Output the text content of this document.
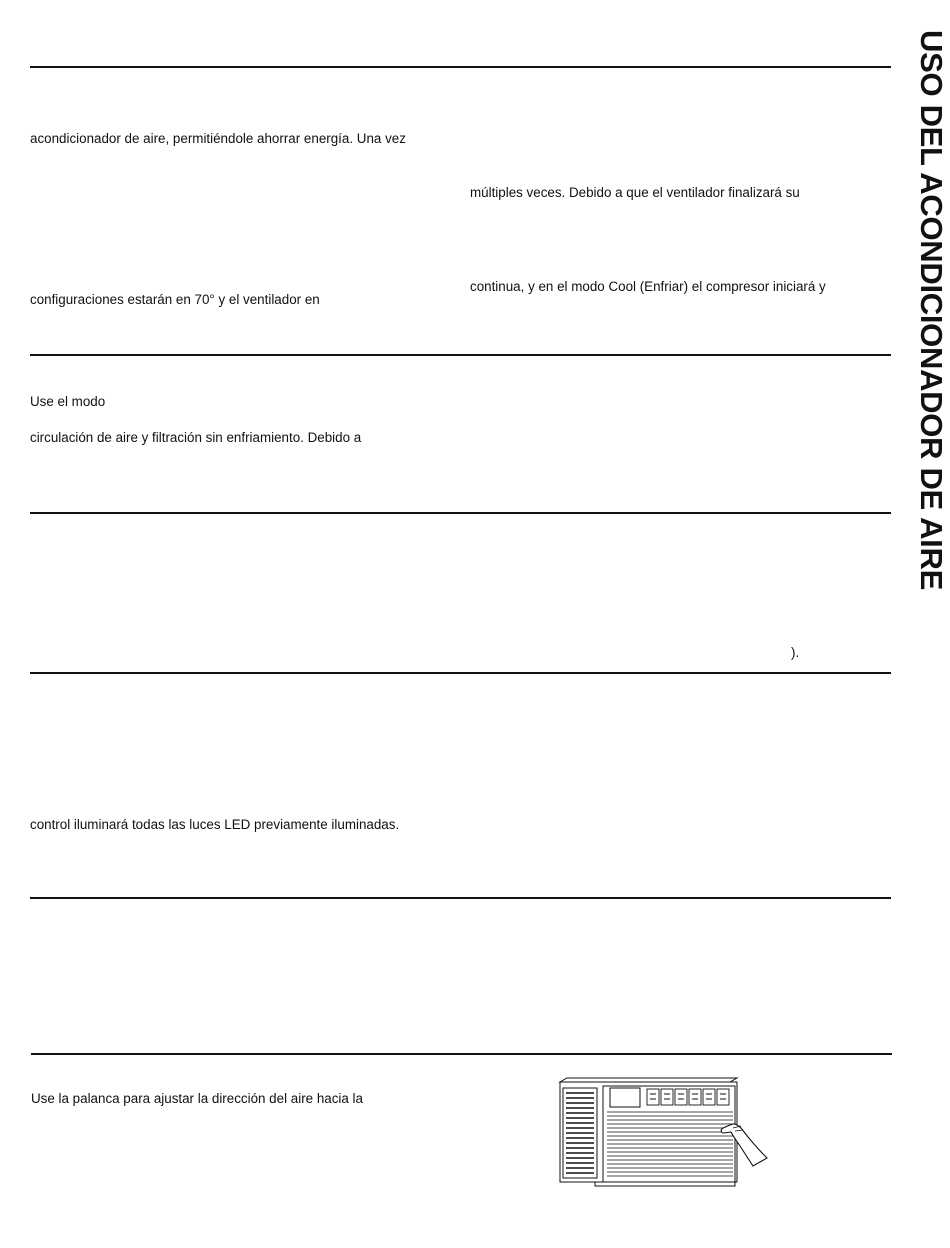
USO DEL ACONDICIONADOR DE AIRE
acondicionador de aire, permitiéndole ahorrar energía. Una vez
múltiples veces. Debido a que el ventilador finalizará su
continua, y en el modo Cool (Enfriar) el compresor iniciará y
configuraciones estarán en 70° y el ventilador en
Use el modo
circulación de aire y filtración sin enfriamiento. Debido a
).
control iluminará todas las luces LED previamente iluminadas.
Use la palanca para ajustar la dirección del aire hacia la
